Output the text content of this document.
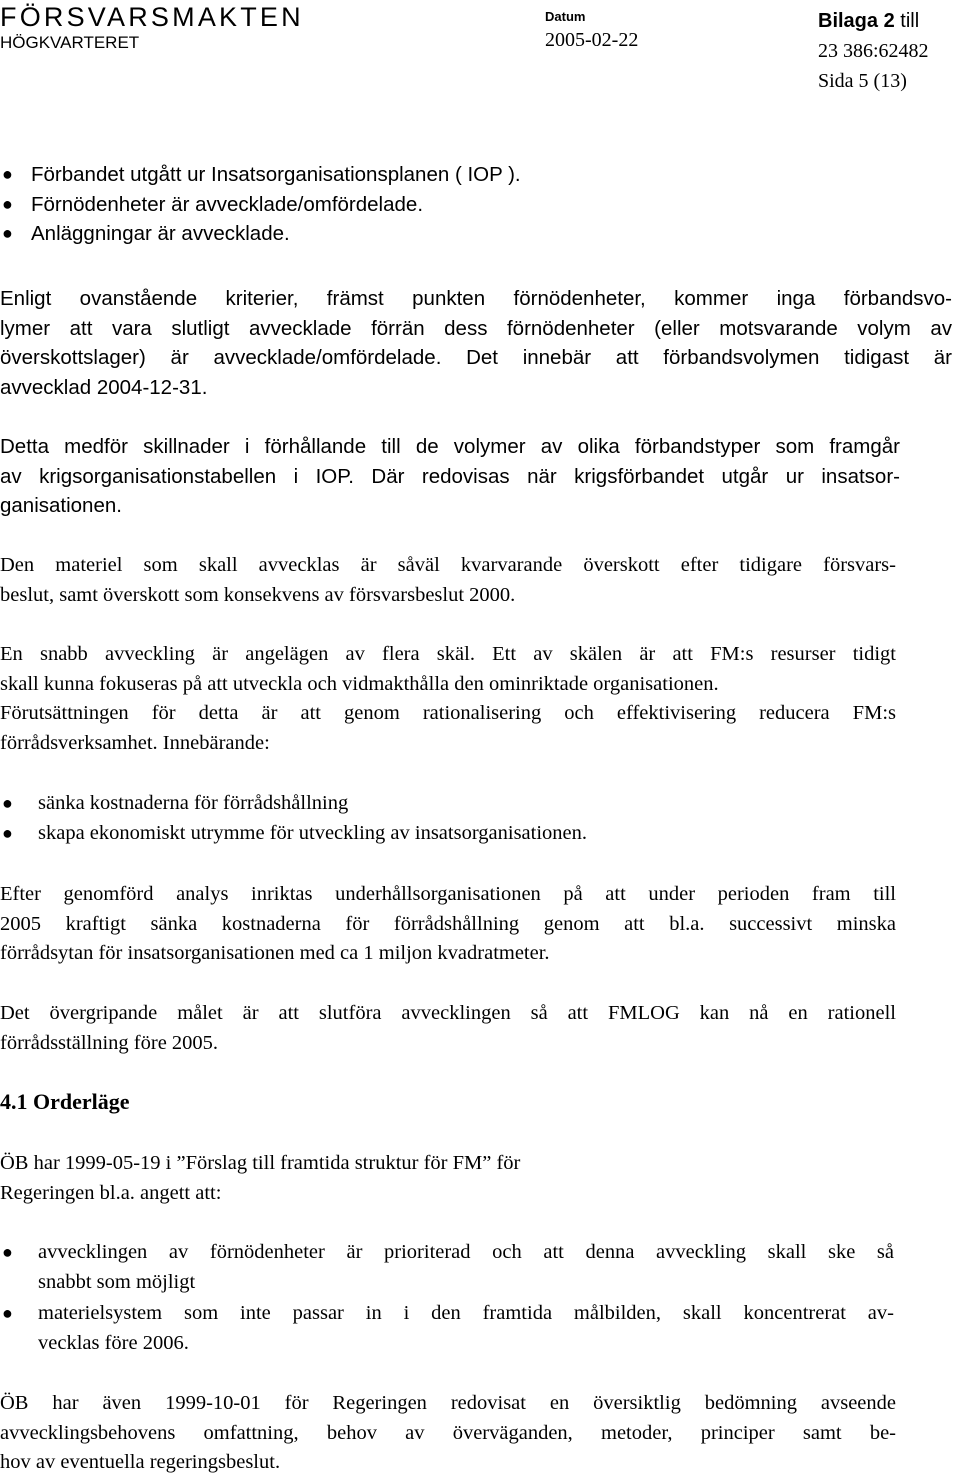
FÖRSVARSMAKTEN
HÖGKVARTERET
Datum
2005-02-22
Bilaga 2 till
23 386:62482
Sida 5 (13)
● Förbandet utgått ur Insatsorganisationsplanen ( IOP ).
● Förnödenheter är avvecklade/omfördelade.
● Anläggningar är avvecklade.
Enligt ovanstående kriterier, främst punkten förnödenheter, kommer inga förbandsvo-
lymer att vara slutligt avvecklade förrän dess förnödenheter (eller motsvarande volym av
överskottslager) är avvecklade/omfördelade. Det innebär att förbandsvolymen tidigast är
avvecklad 2004-12-31.
Detta medför skillnader i förhållande till de volymer av olika förbandstyper som framgår
av krigsorganisationstabellen i IOP. Där redovisas när krigsförbandet utgår ur insatsor-
ganisationen.
Den materiel som skall avvecklas är såväl kvarvarande överskott efter tidigare försvars-
beslut, samt överskott som konsekvens av försvarsbeslut 2000.
En snabb avveckling är angelägen av flera skäl. Ett av skälen är att FM:s resurser tidigt
skall kunna fokuseras på att utveckla och vidmakthålla den ominriktade organisationen.
Förutsättningen för detta är att genom rationalisering och effektivisering reducera FM:s
förrådsverksamhet. Innebärande:
● sänka kostnaderna för förrådshållning
● skapa ekonomiskt utrymme för utveckling av insatsorganisationen.
Efter genomförd analys inriktas underhållsorganisationen på att under perioden fram till
2005 kraftigt sänka kostnaderna för förrådshållning genom att bl.a. successivt minska
förrådsytan för insatsorganisationen med ca 1 miljon kvadratmeter.
Det övergripande målet är att slutföra avvecklingen så att FMLOG kan nå en rationell
förrådsställning före 2005.
4.1 Orderläge
ÖB har 1999-05-19 i ”Förslag till framtida struktur för FM” för
Regeringen bl.a. angett att:
● avvecklingen av förnödenheter är prioriterad och att denna avveckling skall ske så
snabbt som möjligt
● materielsystem som inte passar in i den framtida målbilden, skall koncentrerat av-
vecklas före 2006.
ÖB har även 1999-10-01 för Regeringen redovisat en översiktlig bedömning avseende
avvecklingsbehovens omfattning, behov av överväganden, metoder, principer samt be-
hov av eventuella regeringsbeslut.
